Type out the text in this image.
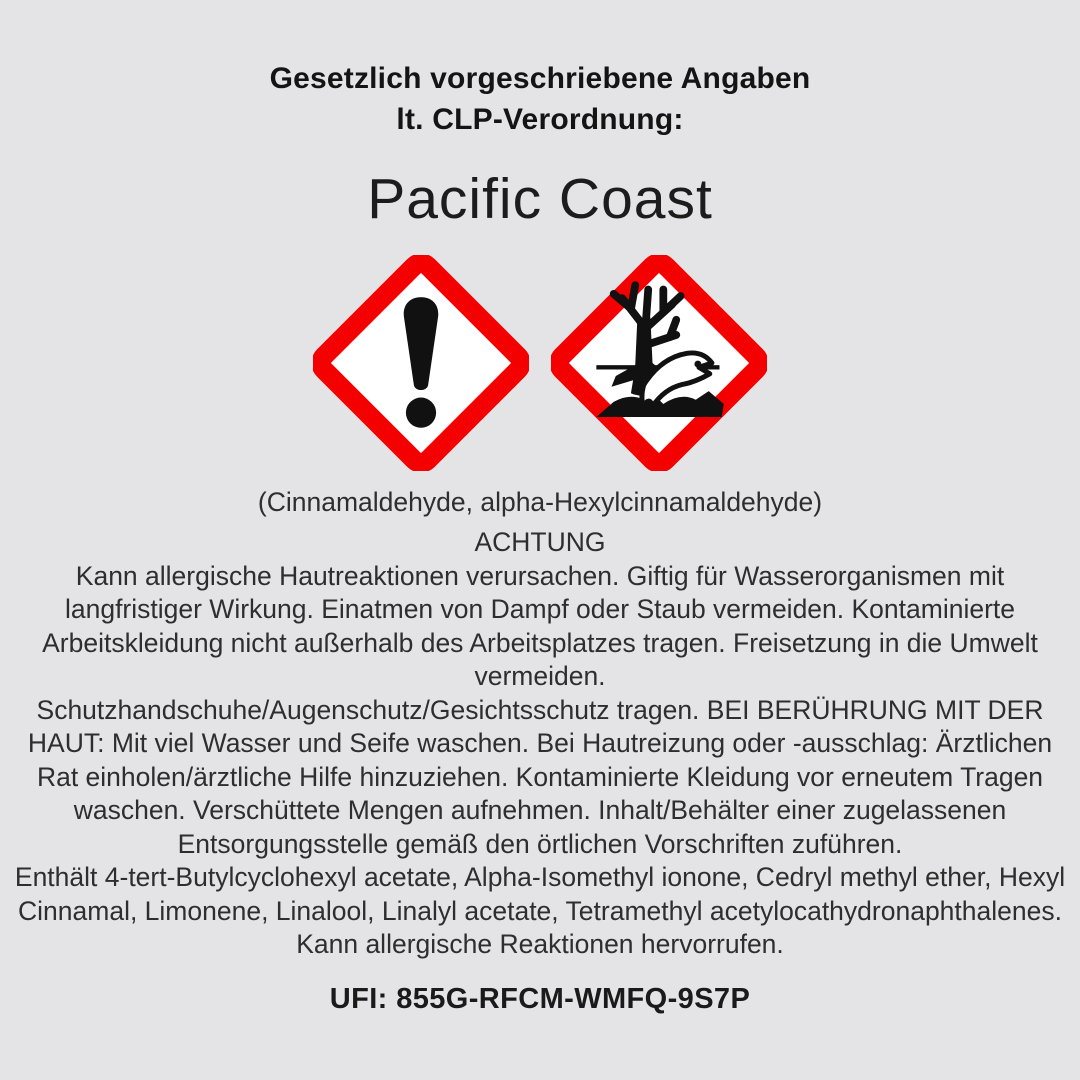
Gesetzlich vorgeschriebene Angaben
lt. CLP-Verordnung:
Pacific Coast
(Cinnamaldehyde, alpha-Hexylcinnamaldehyde)
ACHTUNG
Kann allergische Hautreaktionen verursachen. Giftig für Wasserorganismen mit langfristiger Wirkung. Einatmen von Dampf oder Staub vermeiden. Kontaminierte Arbeitskleidung nicht außerhalb des Arbeitsplatzes tragen. Freisetzung in die Umwelt vermeiden.
Schutzhandschuhe/Augenschutz/Gesichtsschutz tragen. BEI BERÜHRUNG MIT DER HAUT: Mit viel Wasser und Seife waschen. Bei Hautreizung oder -ausschlag: Ärztlichen Rat einholen/ärztliche Hilfe hinzuziehen. Kontaminierte Kleidung vor erneutem Tragen waschen. Verschüttete Mengen aufnehmen. Inhalt/Behälter einer zugelassenen Entsorgungsstelle gemäß den örtlichen Vorschriften zuführen.
Enthält 4-tert-Butylcyclohexyl acetate, Alpha-Isomethyl ionone, Cedryl methyl ether, Hexyl Cinnamal, Limonene, Linalool, Linalyl acetate, Tetramethyl acetylocathydronaphthalenes. Kann allergische Reaktionen hervorrufen.
UFI: 855G-RFCM-WMFQ-9S7P
